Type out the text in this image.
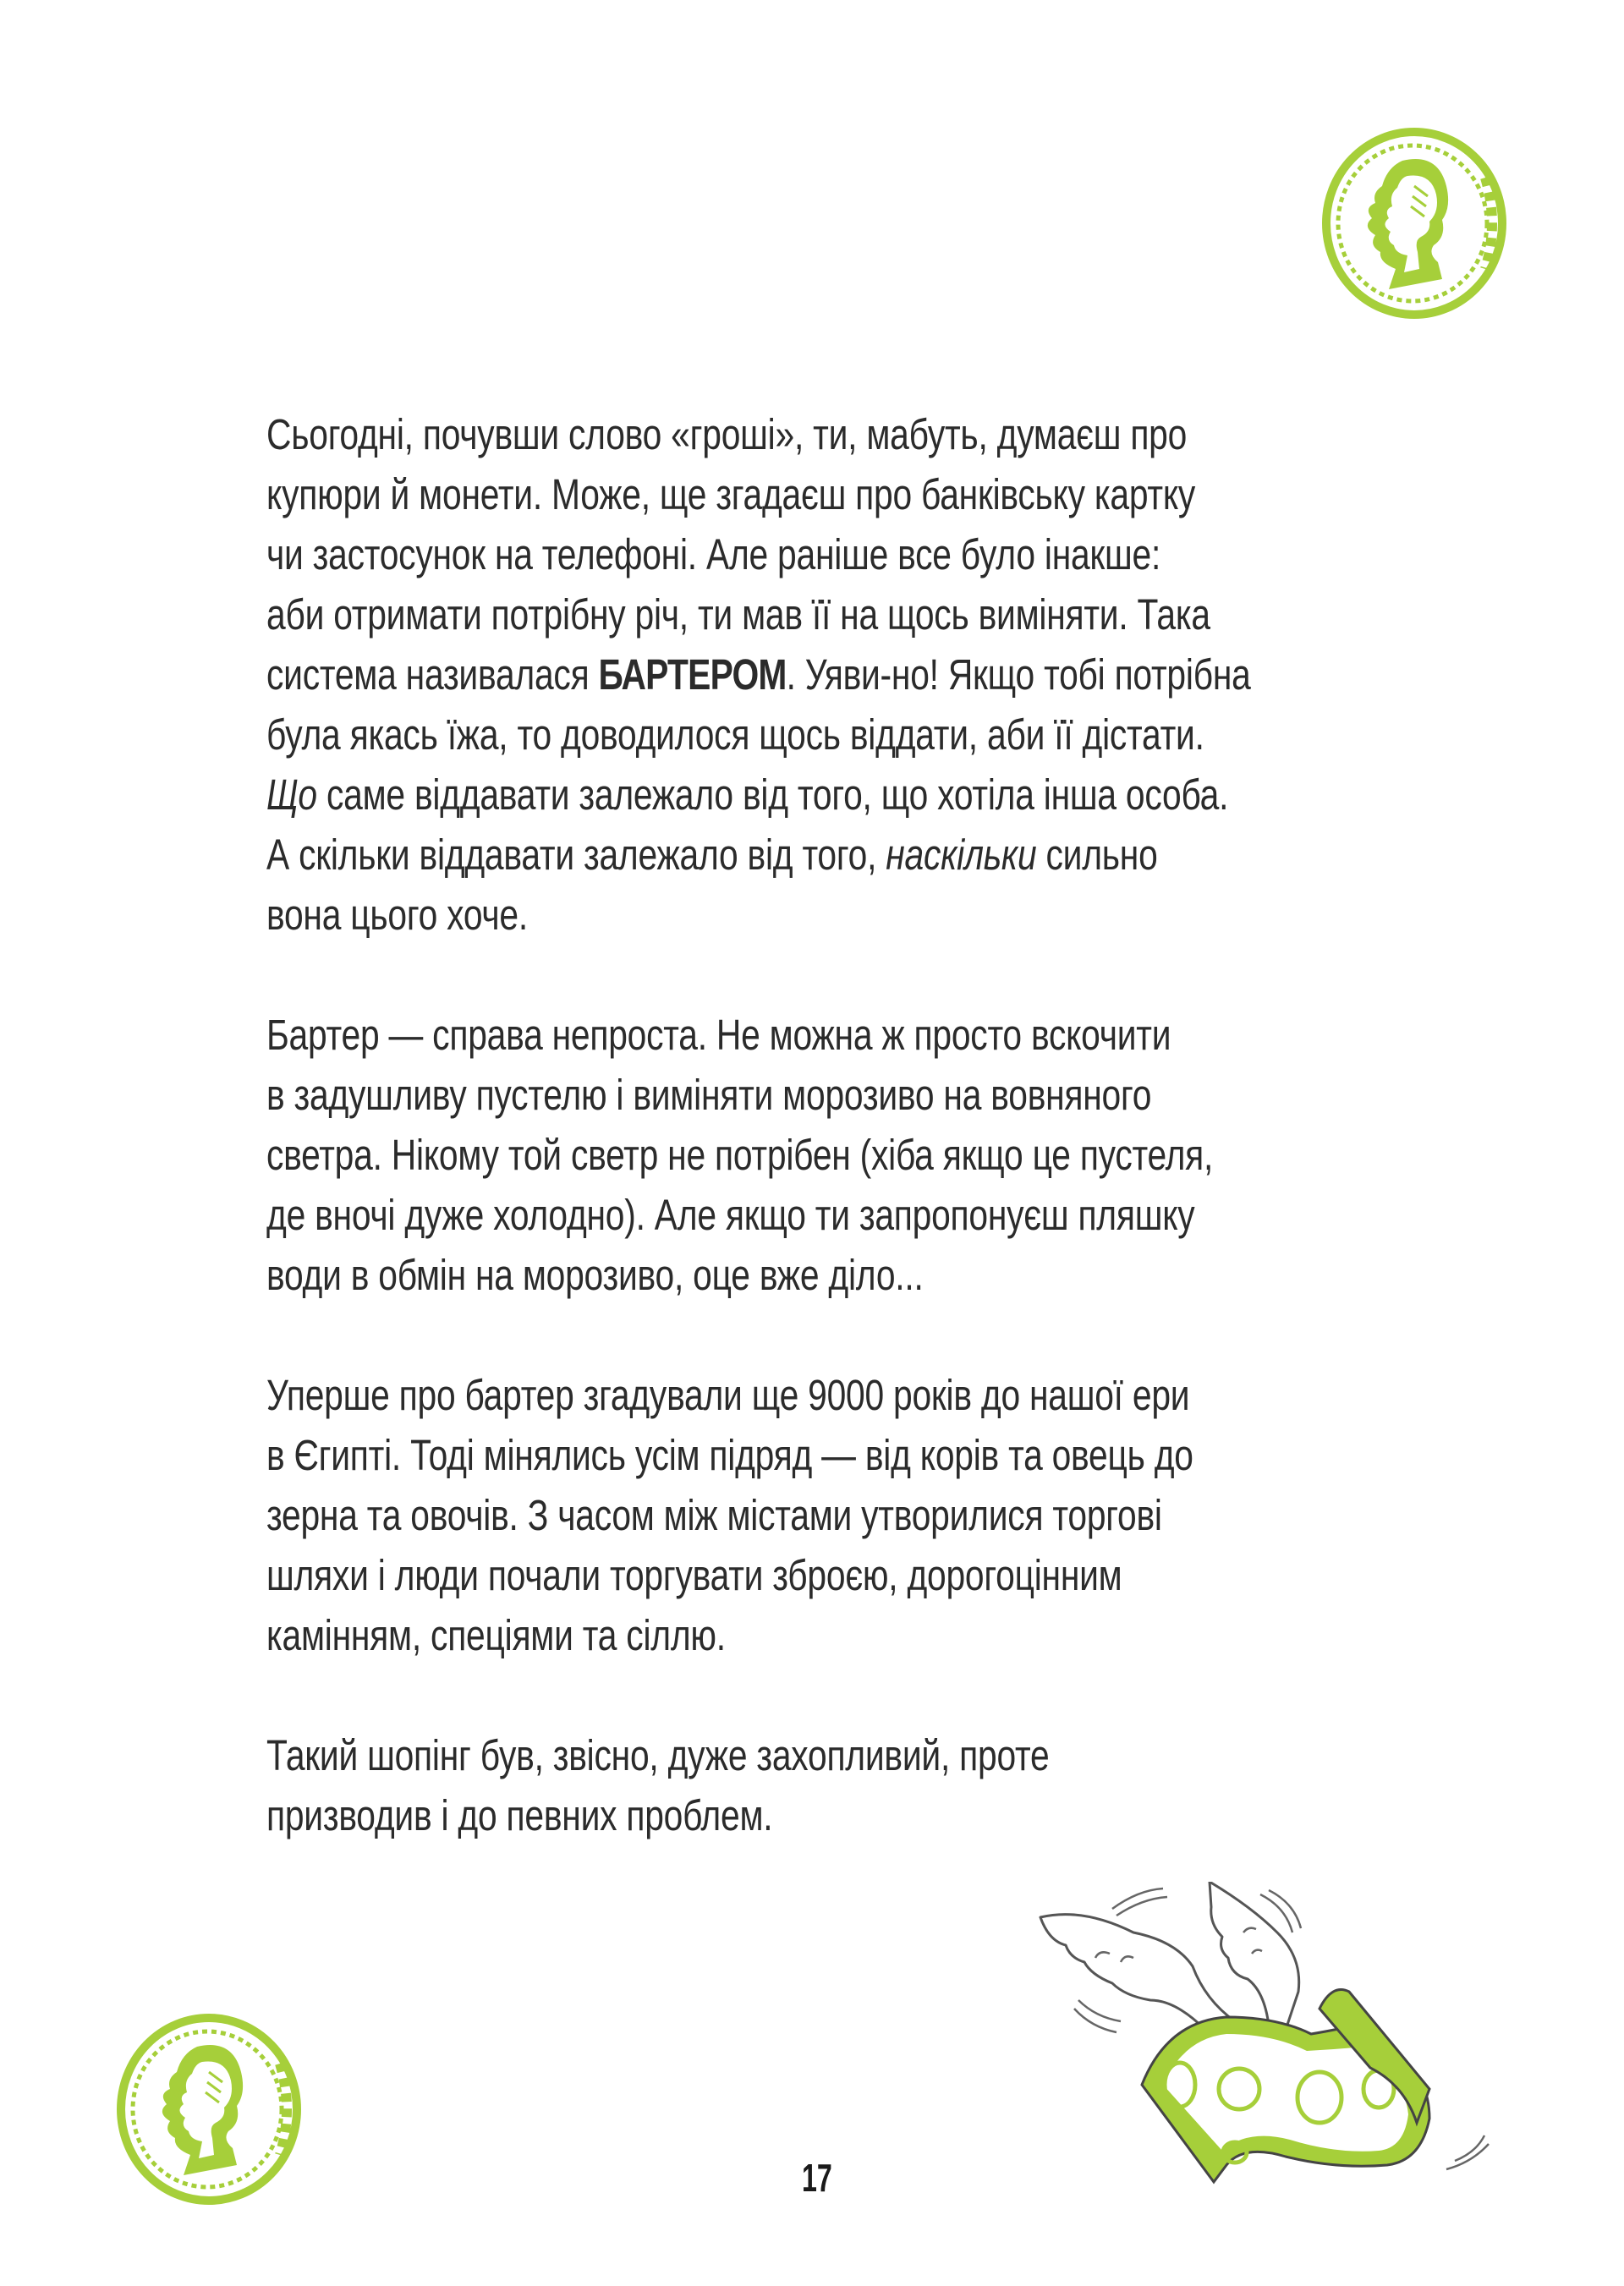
Сьогодні, почувши слово «гроші», ти, мабуть, думаєш про
купюри й монети. Може, ще згадаєш про банківську картку
чи застосунок на телефоні. Але раніше все було інакше:
аби отримати потрібну річ, ти мав її на щось виміняти. Така
система називалася БАРТЕРОМ. Уяви-но! Якщо тобі потрібна
була якась їжа, то доводилося щось віддати, аби її дістати.
Що саме віддавати залежало від того, що хотіла інша особа.
А скільки віддавати залежало від того, наскільки сильно
вона цього хоче.
Бартер — справа непроста. Не можна ж просто вскочити
в задушливу пустелю і виміняти морозиво на вовняного
светра. Нікому той светр не потрібен (хіба якщо це пустеля,
де вночі дуже холодно). Але якщо ти запропонуєш пляшку
води в обмін на морозиво, оце вже діло...
Уперше про бартер згадували ще 9000 років до нашої ери
в Єгипті. Тоді мінялись усім підряд — від корів та овець до
зерна та овочів. З часом між містами утворилися торгові
шляхи і люди почали торгувати зброєю, дорогоцінним
камінням, спеціями та сіллю.
Такий шопінг був, звісно, дуже захопливий, проте
призводив і до певних проблем.
17
